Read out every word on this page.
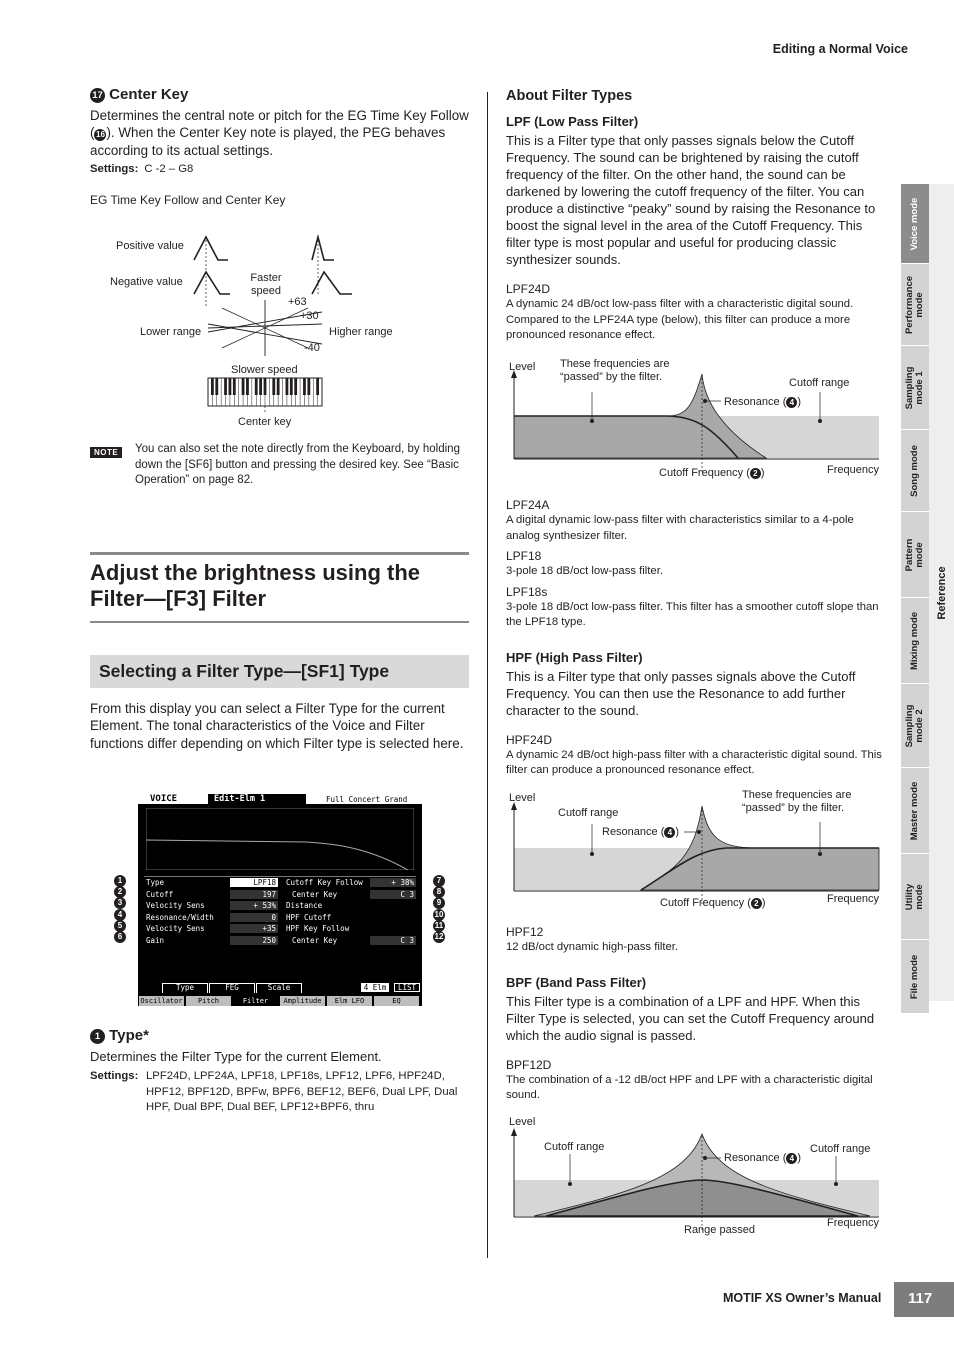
Editing a Normal Voice
17 Center Key

Determines the central note or pitch for the EG Time Key Follow ( 16 ). When the Center Key note is played, the PEG behaves according to its actual settings.

Settings: C -2 – G8
EG Time Key Follow and Center Key
Positive value
Negative value	Faster speed
+63
+30
-40
Lower range	Higher range
Slower speed
Center key
NOTE You can also set the note directly from the Keyboard, by holding down the [SF6] button and pressing the desired key. See “Basic Operation” on page 82.
Adjust the brightness using the Filter—[F3] Filter
Selecting a Filter Type—[SF1] Type

From this display you can select a Filter Type for the current Element. The tonal characteristics of the Voice and Filter functions differ depending on which Filter type is selected here.

VOICE	Edit-Elm 1	Full Concert Grand
Type	LPF18
Cutoff	197
Velocity Sens	+ 53%
Resonance/Width	0
Velocity Sens	+35
Gain	250
Cutoff Key Follow	+ 38%
Center Key	C 3
Distance
HPF Cutoff
HPF Key Follow
Center Key	C 3
Type	FEG	Scale	4 Elm	LIST
Oscillator	Pitch	Filter	Amplitude	Elm LFO	EQ
1
2
3
4
5
6
7
8
9
10
11
12
1 Type*

Determines the Filter Type for the current Element.

Settings: LPF24D, LPF24A, LPF18, LPF18s, LPF12, LPF6, HPF24D, HPF12, BPF12D, BPFw, BPF6, BEF12, BEF6, Dual LPF, Dual HPF, Dual BPF, Dual BEF, LPF12+BPF6, thru
About Filter Types
LPF (Low Pass Filter)

This is a Filter type that only passes signals below the Cutoff Frequency. The sound can be brightened by raising the cutoff frequency of the filter. On the other hand, the sound can be darkened by lowering the cutoff frequency of the filter. You can produce a distinctive “peaky” sound by raising the Resonance to boost the signal level in the area of the Cutoff Frequency. This filter type is most popular and useful for producing classic synthesizer sounds.

LPF24D

A dynamic 24 dB/oct low-pass filter with a characteristic digital sound. Compared to the LPF24A type (below), this filter can produce a more pronounced resonance effect.

Level These frequencies are “passed” by the filter.	Cutoff range
Resonance ( 4 )
Cutoff Frequency ( 2 )	Frequency

LPF24A

A digital dynamic low-pass filter with characteristics similar to a 4-pole analog synthesizer filter.

LPF18

3-pole 18 dB/oct low-pass filter.

LPF18s

3-pole 18 dB/oct low-pass filter. This filter has a smoother cutoff slope than the LPF18 type.

HPF (High Pass Filter)

This is a Filter type that only passes signals above the Cutoff Frequency. You can then use the Resonance to add further character to the sound.

HPF24D

A dynamic 24 dB/oct high-pass filter with a characteristic digital sound. This filter can produce a pronounced resonance effect.

Level
Cutoff range
These frequencies are “passed” by the filter.
Resonance ( 4 )
Cutoff Frequency ( 2 )	Frequency

HPF12

12 dB/oct dynamic high-pass filter.

BPF (Band Pass Filter)

This Filter type is a combination of a LPF and HPF. When this Filter Type is selected, you can set the Cutoff Frequency around which the audio signal is passed.

BPF12D

The combination of a -12 dB/oct HPF and LPF with a characteristic digital sound.

Level
Cutoff range
Resonance ( 4 )
Cutoff range
Range passed
Frequency
Voice mode
Performance
mode
Sampling
mode 1
Song mode
Pattern
mode
Mixing mode
Sampling
mode 2
Master mode
Utility
mode
File mode
Reference
MOTIF XS Owner’s Manual 117
